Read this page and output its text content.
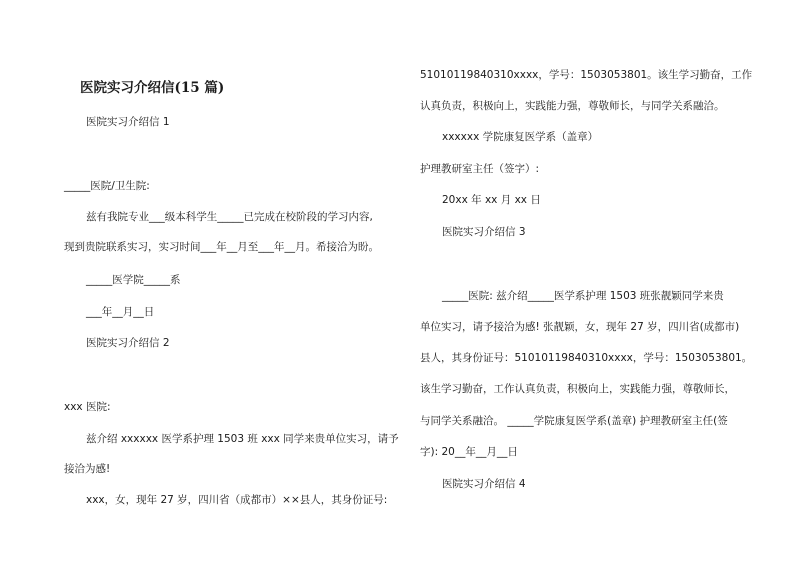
医院实习介绍信(15 篇)
医院实习介绍信 1
_____医院/卫生院:
兹有我院专业___级本科学生_____已完成在校阶段的学习内容,
现到贵院联系实习，实习时间___年__月至___年__月。希接洽为盼。
_____医学院_____系
___年__月__日
医院实习介绍信 2
xxx 医院:
兹介绍 xxxxxx 医学系护理 1503 班 xxx 同学来贵单位实习，请予
接洽为感!
xxx，女，现年 27 岁，四川省（成都市）××县人，其身份证号:
51010119840310xxxx，学号：1503053801。该生学习勤奋，工作
认真负责，积极向上，实践能力强，尊敬师长，与同学关系融洽。
xxxxxx 学院康复医学系（盖章）
护理教研室主任（签字）:
20xx 年 xx 月 xx 日
医院实习介绍信 3
_____医院: 兹介绍_____医学系护理 1503 班张靓颖同学来贵
单位实习，请予接洽为感! 张靓颖，女，现年 27 岁，四川省(成都市)
县人，其身份证号：51010119840310xxxx，学号：1503053801。
该生学习勤奋，工作认真负责，积极向上，实践能力强，尊敬师长，
与同学关系融洽。 _____学院康复医学系(盖章) 护理教研室主任(签
字): 20__年__月__日
医院实习介绍信 4
